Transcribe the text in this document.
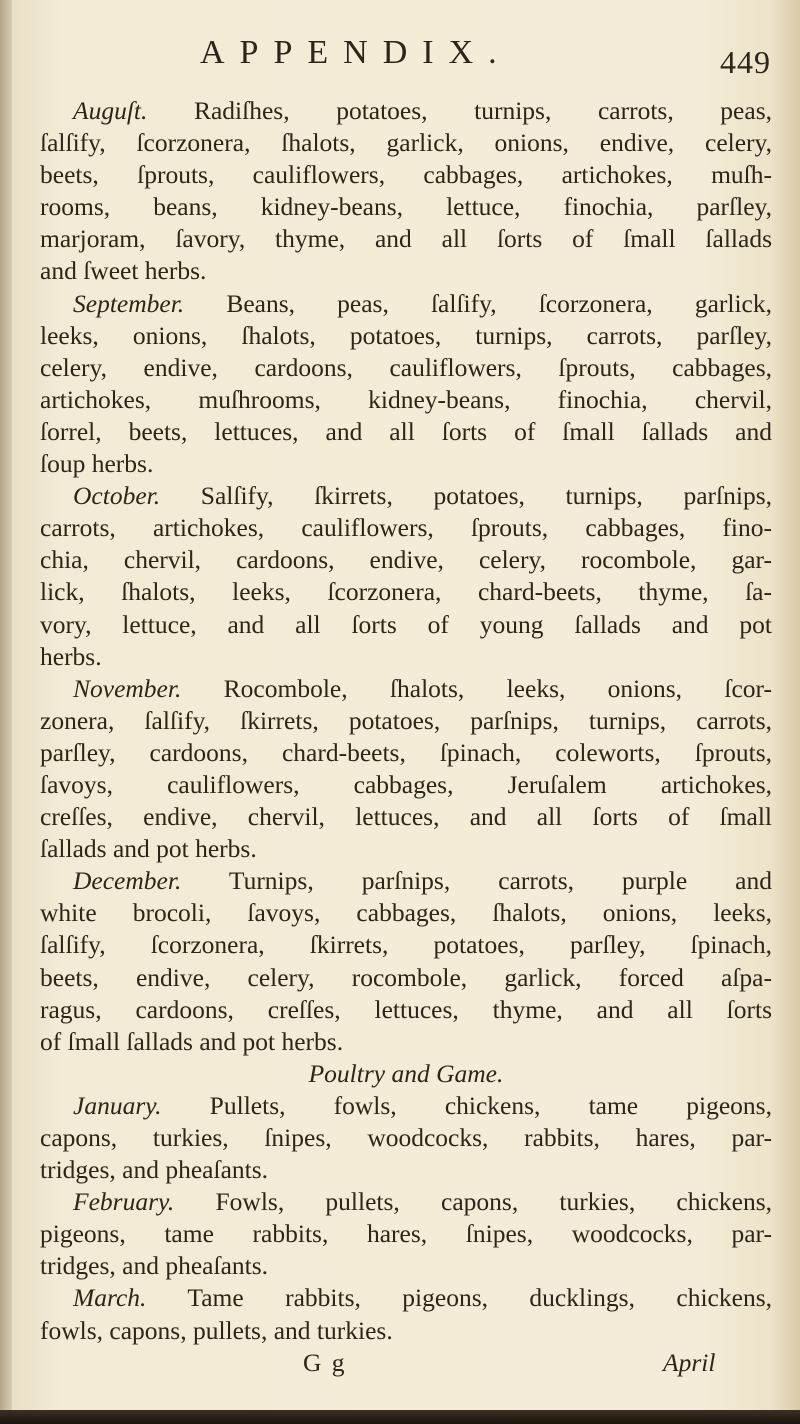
APPENDIX.	449
Auguſt. Radiſhes, potatoes, turnips, carrots, peas,
ſalſify, ſcorzonera, ſhalots, garlick, onions, endive, celery,
beets, ſprouts, cauliflowers, cabbages, artichokes, muſh-
rooms, beans, kidney-beans, lettuce, finochia, parſley,
marjoram, ſavory, thyme, and all ſorts of ſmall ſallads
and ſweet herbs.
September. Beans, peas, ſalſify, ſcorzonera, garlick,
leeks, onions, ſhalots, potatoes, turnips, carrots, parſley,
celery, endive, cardoons, cauliflowers, ſprouts, cabbages,
artichokes, muſhrooms, kidney-beans, finochia, chervil,
ſorrel, beets, lettuces, and all ſorts of ſmall ſallads and
ſoup herbs.
October. Salſify, ſkirrets, potatoes, turnips, parſnips,
carrots, artichokes, cauliflowers, ſprouts, cabbages, fino-
chia, chervil, cardoons, endive, celery, rocombole, gar-
lick, ſhalots, leeks, ſcorzonera, chard-beets, thyme, ſa-
vory, lettuce, and all ſorts of young ſallads and pot
herbs.
November. Rocombole, ſhalots, leeks, onions, ſcor-
zonera, ſalſify, ſkirrets, potatoes, parſnips, turnips, carrots,
parſley, cardoons, chard-beets, ſpinach, coleworts, ſprouts,
ſavoys, cauliflowers, cabbages, Jeruſalem artichokes,
creſſes, endive, chervil, lettuces, and all ſorts of ſmall
ſallads and pot herbs.
December. Turnips, parſnips, carrots, purple and
white brocoli, ſavoys, cabbages, ſhalots, onions, leeks,
ſalſify, ſcorzonera, ſkirrets, potatoes, parſley, ſpinach,
beets, endive, celery, rocombole, garlick, forced aſpa-
ragus, cardoons, creſſes, lettuces, thyme, and all ſorts
of ſmall ſallads and pot herbs.
Poultry and Game.
January. Pullets, fowls, chickens, tame pigeons,
capons, turkies, ſnipes, woodcocks, rabbits, hares, par-
tridges, and pheaſants.
February. Fowls, pullets, capons, turkies, chickens,
pigeons, tame rabbits, hares, ſnipes, woodcocks, par-
tridges, and pheaſants.
March. Tame rabbits, pigeons, ducklings, chickens,
fowls, capons, pullets, and turkies.
G g	April
